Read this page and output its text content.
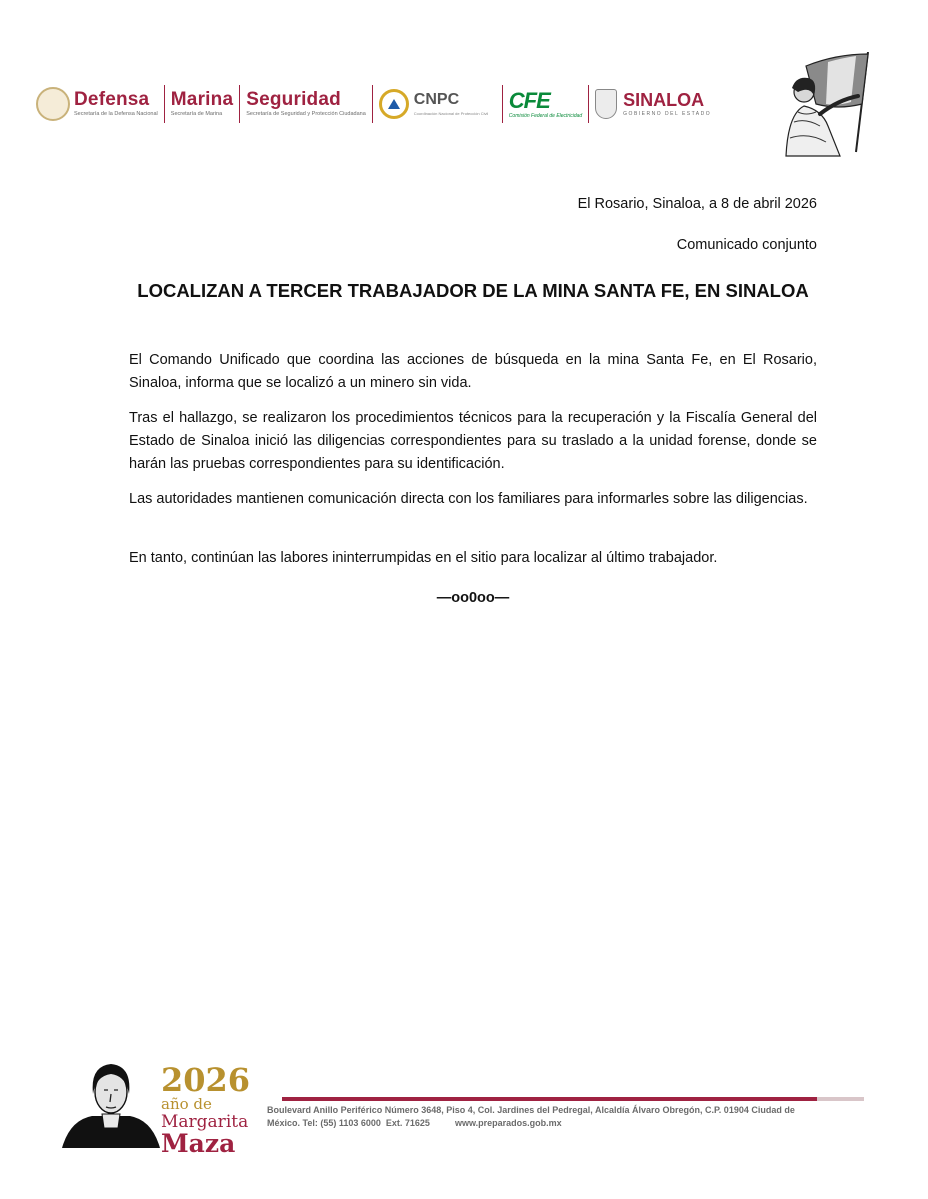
Defensa
Secretaría de la Defensa Nacional
Marina
Secretaría de Marina
Seguridad
Secretaría de Seguridad y Protección Ciudadana
CNPC
Coordinación Nacional de Protección Civil
CFE
Comisión Federal de Electricidad
SINALOA
GOBIERNO DEL ESTADO
El Rosario, Sinaloa, a 8 de abril 2026
Comunicado conjunto
LOCALIZAN A TERCER TRABAJADOR DE LA MINA SANTA FE, EN SINALOA

El Comando Unificado que coordina las acciones de búsqueda en la mina Santa Fe, en El Rosario, Sinaloa, informa que se localizó a un minero sin vida.

Tras el hallazgo, se realizaron los procedimientos técnicos para la recuperación y la Fiscalía General del Estado de Sinaloa inició las diligencias correspondientes para su traslado a la unidad forense, donde se harán las pruebas correspondientes para su identificación.

Las autoridades mantienen comunicación directa con los familiares para informarles sobre las diligencias.

En tanto, continúan las labores ininterrumpidas en el sitio para localizar al último trabajador.

—oo0oo—
2026
año de
Margarita
Maza
Boulevard Anillo Periférico Número 3648, Piso 4, Col. Jardines del Pedregal, Alcaldía Álvaro Obregón, C.P. 01904 Ciudad de
México. Tel: (55) 1103 6000  Ext. 71625	www.preparados.gob.mx
